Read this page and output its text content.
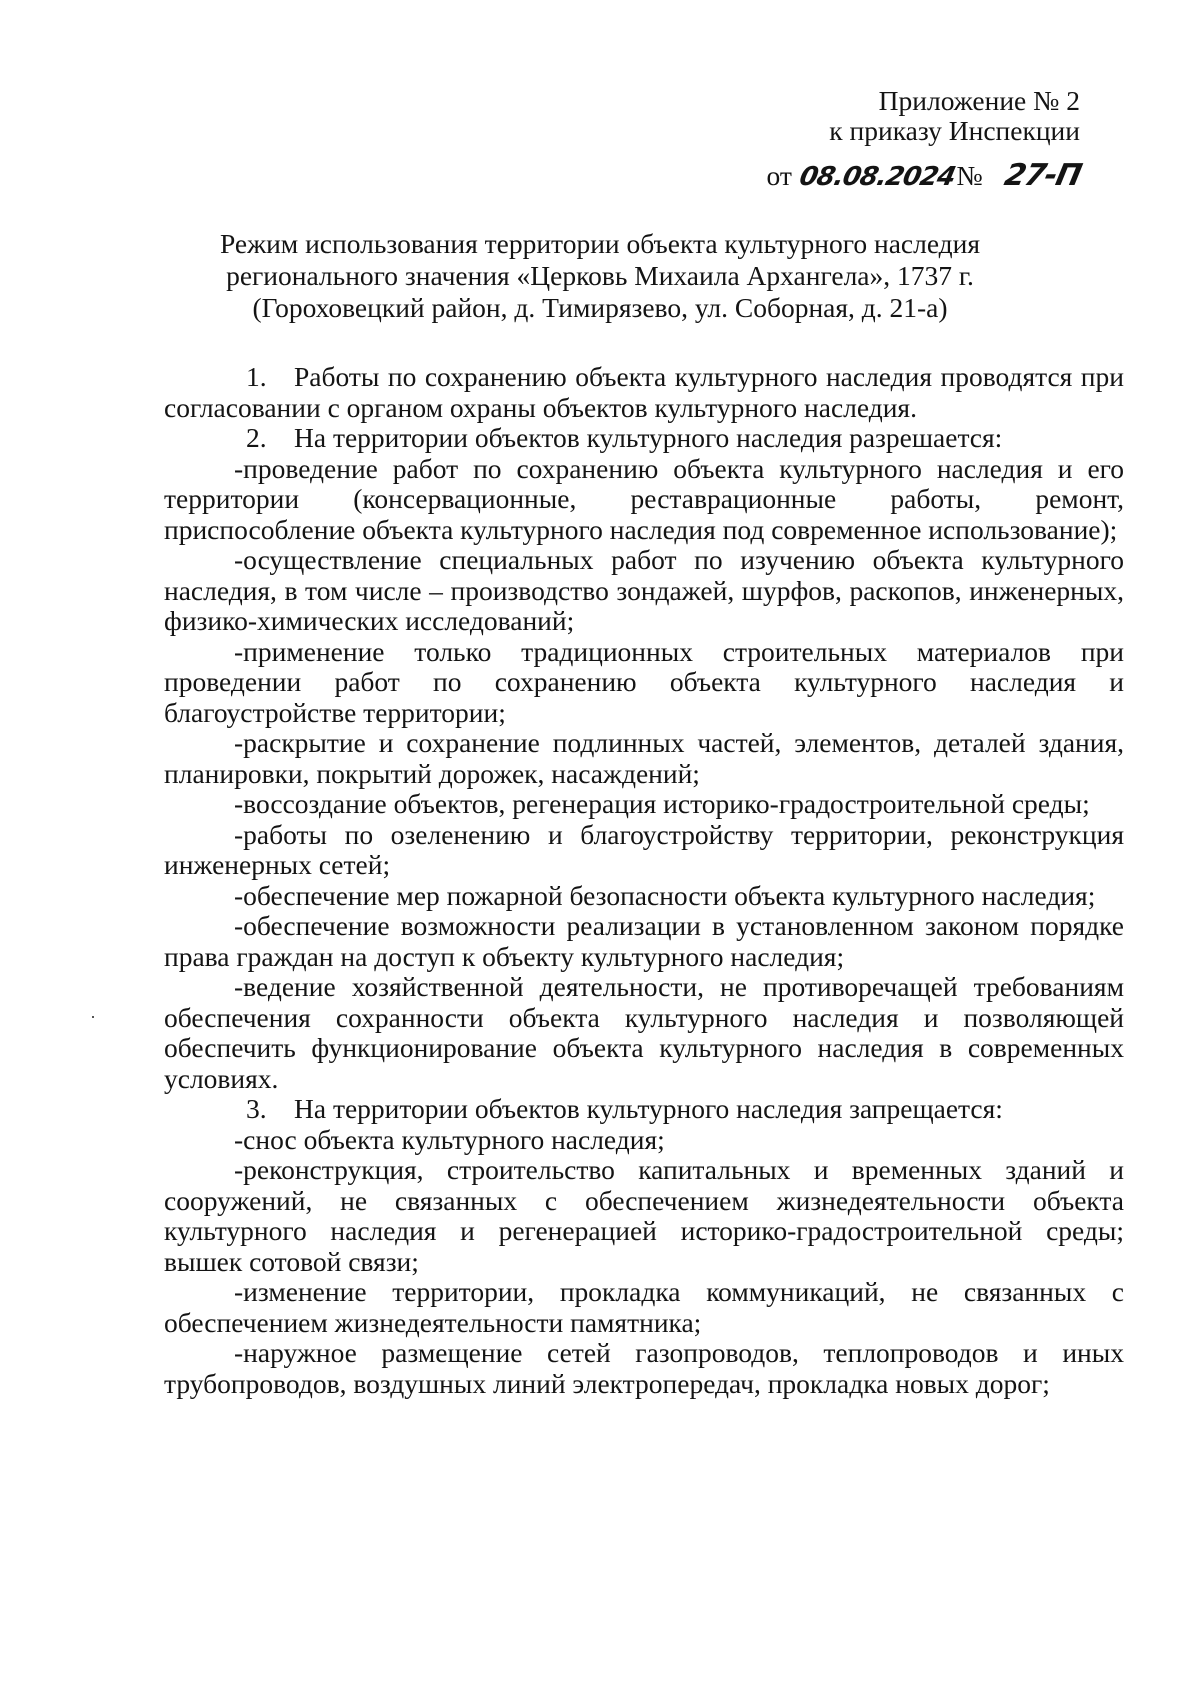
Приложение № 2
к приказу Инспекции
от 08.08.2024№ 27-П
Режим использования территории объекта культурного наследия
регионального значения «Церковь Михаила Архангела», 1737 г.
(Гороховецкий район, д. Тимирязево, ул. Соборная, д. 21-а)

1. Работы по сохранению объекта культурного наследия проводятся при согласовании с органом охраны объектов культурного наследия.

2. На территории объектов культурного наследия разрешается:

-проведение работ по сохранению объекта культурного наследия и его территории (консервационные, реставрационные работы, ремонт, приспособление объекта культурного наследия под современное использование);

-осуществление специальных работ по изучению объекта культурного наследия, в том числе – производство зондажей, шурфов, раскопов, инженерных, физико-химических исследований;

-применение только традиционных строительных материалов при проведении работ по сохранению объекта культурного наследия и благоустройстве территории;

-раскрытие и сохранение подлинных частей, элементов, деталей здания, планировки, покрытий дорожек, насаждений;

-воссоздание объектов, регенерация историко-градостроительной среды;

-работы по озеленению и благоустройству территории, реконструкция инженерных сетей;

-обеспечение мер пожарной безопасности объекта культурного наследия;

-обеспечение возможности реализации в установленном законом порядке права граждан на доступ к объекту культурного наследия;

-ведение хозяйственной деятельности, не противоречащей требованиям обеспечения сохранности объекта культурного наследия и позволяющей обеспечить функционирование объекта культурного наследия в современных условиях.

3. На территории объектов культурного наследия запрещается:

-снос объекта культурного наследия;

-реконструкция, строительство капитальных и временных зданий и сооружений, не связанных с обеспечением жизнедеятельности объекта культурного наследия и регенерацией историко-градостроительной среды; вышек сотовой связи;

-изменение территории, прокладка коммуникаций, не связанных с обеспечением жизнедеятельности памятника;

-наружное размещение сетей газопроводов, теплопроводов и иных трубопроводов, воздушных линий электропередач, прокладка новых дорог;
